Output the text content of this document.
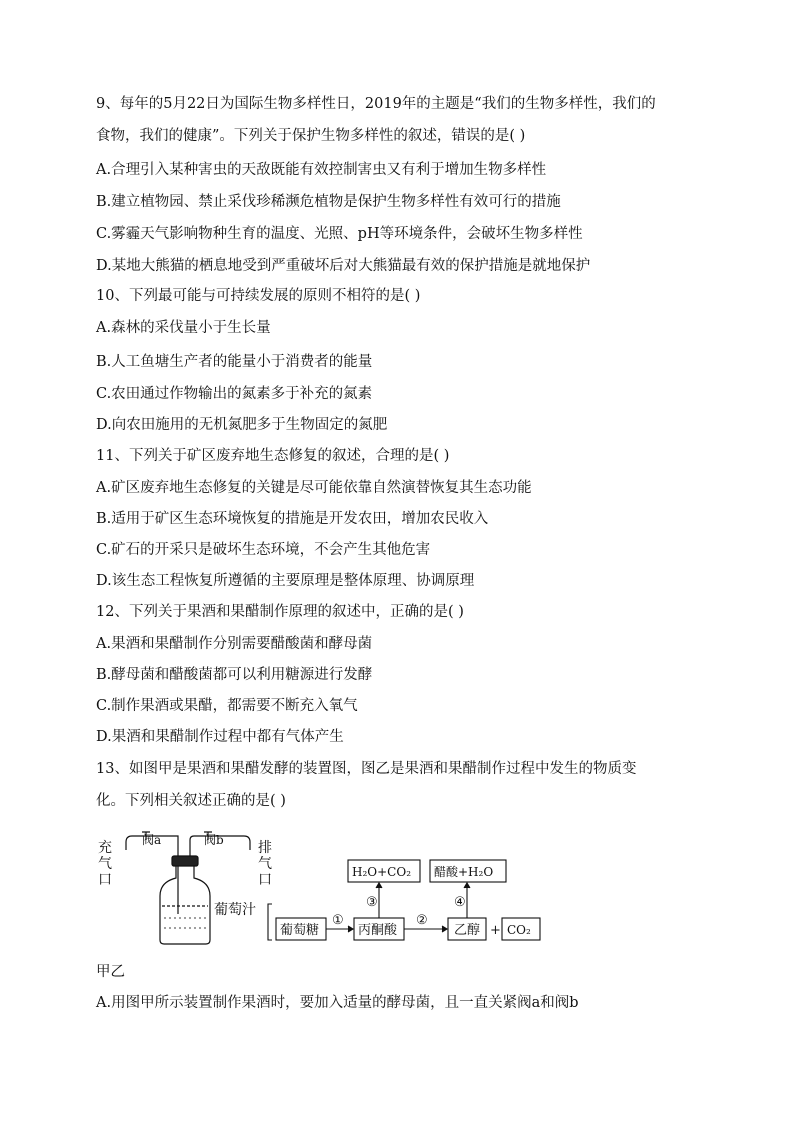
9、每年的5月22日为国际生物多样性日，2019年的主题是“我们的生物多样性，我们的
食物，我们的健康”。下列关于保护生物多样性的叙述，错误的是( )
A.合理引入某种害虫的天敌既能有效控制害虫又有利于增加生物多样性
B.建立植物园、禁止采伐珍稀濒危植物是保护生物多样性有效可行的措施
C.雾霾天气影响物种生育的温度、光照、pH等环境条件，会破坏生物多样性
D.某地大熊猫的栖息地受到严重破坏后对大熊猫最有效的保护措施是就地保护
10、下列最可能与可持续发展的原则不相符的是( )
A.森林的采伐量小于生长量
B.人工鱼塘生产者的能量小于消费者的能量
C.农田通过作物输出的氮素多于补充的氮素
D.向农田施用的无机氮肥多于生物固定的氮肥
11、下列关于矿区废弃地生态修复的叙述，合理的是( )
A.矿区废弃地生态修复的关键是尽可能依靠自然演替恢复其生态功能
B.适用于矿区生态环境恢复的措施是开发农田，增加农民收入
C.矿石的开采只是破坏生态环境，不会产生其他危害
D.该生态工程恢复所遵循的主要原理是整体原理、协调原理
12、下列关于果酒和果醋制作原理的叙述中，正确的是( )
A.果酒和果醋制作分别需要醋酸菌和酵母菌
B.酵母菌和醋酸菌都可以利用糖源进行发酵
C.制作果酒或果醋，都需要不断充入氧气
D.果酒和果醋制作过程中都有气体产生
13、如图甲是果酒和果醋发酵的装置图，图乙是果酒和果醋制作过程中发生的物质变
化。下列相关叙述正确的是( )
充
气
口
阀a	阀b 排
气
口
葡萄汁
葡萄糖	丙酮酸	乙醇 CO₂
H₂O+CO₂ 醋酸+H₂O
①	②
③	④
+
甲乙
A.用图甲所示装置制作果酒时，要加入适量的酵母菌，且一直关紧阀a和阀b
